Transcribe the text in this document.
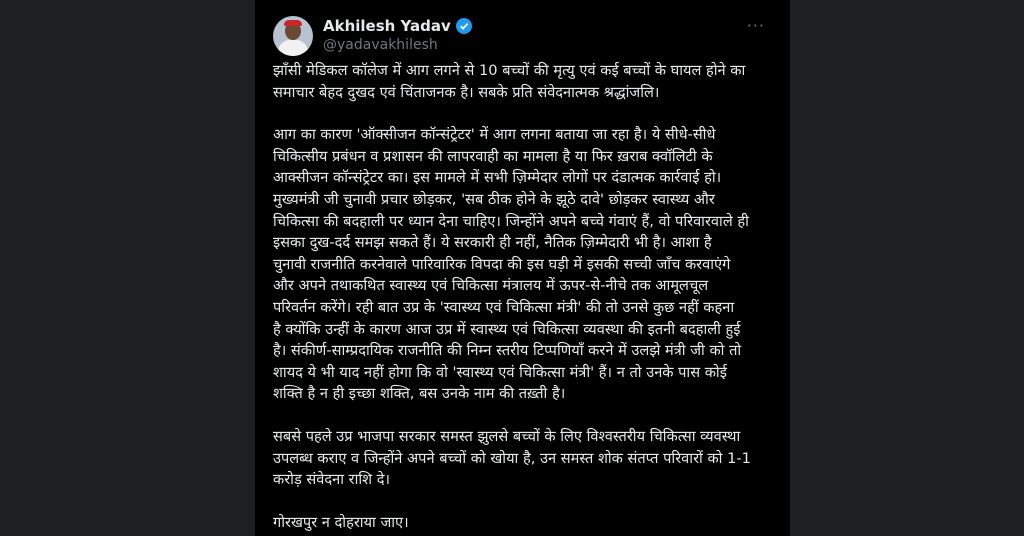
Akhilesh Yadav
@yadavakhilesh
···

झाँसी मेडिकल कॉलेज में आग लगने से 10 बच्चों की मृत्यु एवं कई बच्चों के घायल होने का
समाचार बेहद दुखद एवं चिंताजनक है। सबके प्रति संवेदनात्मक श्रद्धांजलि।

आग का कारण 'ऑक्सीजन कॉन्संट्रेटर' में आग लगना बताया जा रहा है। ये सीधे-सीधे
चिकित्सीय प्रबंधन व प्रशासन की लापरवाही का मामला है या फिर ख़राब क्वॉलिटी के
आक्सीजन कॉन्संट्रेटर का। इस मामले में सभी ज़िम्मेदार लोगों पर दंडात्मक कार्रवाई हो।
मुख्यमंत्री जी चुनावी प्रचार छोड़कर, 'सब ठीक होने के झूठे दावे' छोड़कर स्वास्थ्य और
चिकित्सा की बदहाली पर ध्यान देना चाहिए। जिन्होंने अपने बच्चे गंवाएं हैं, वो परिवारवाले ही
इसका दुख-दर्द समझ सकते हैं। ये सरकारी ही नहीं, नैतिक ज़िम्मेदारी भी है। आशा है
चुनावी राजनीति करनेवाले पारिवारिक विपदा की इस घड़ी में इसकी सच्ची जाँच करवाएंगे
और अपने तथाकथित स्वास्थ्य एवं चिकित्सा मंत्रालय में ऊपर-से-नीचे तक आमूलचूल
परिवर्तन करेंगे। रही बात उप्र के 'स्वास्थ्य एवं चिकित्सा मंत्री' की तो उनसे कुछ नहीं कहना
है क्योंकि उन्हीं के कारण आज उप्र में स्वास्थ्य एवं चिकित्सा व्यवस्था की इतनी बदहाली हुई
है। संकीर्ण-साम्प्रदायिक राजनीति की निम्न स्तरीय टिप्पणियाँ करने में उलझे मंत्री जी को तो
शायद ये भी याद नहीं होगा कि वो 'स्वास्थ्य एवं चिकित्सा मंत्री' हैं। न तो उनके पास कोई
शक्ति है न ही इच्छा शक्ति, बस उनके नाम की तख़्ती है।

सबसे पहले उप्र भाजपा सरकार समस्त झुलसे बच्चों के लिए विश्वस्तरीय चिकित्सा व्यवस्था
उपलब्ध कराए व जिन्होंने अपने बच्चों को खोया है, उन समस्त शोक संतप्त परिवारों को 1-1
करोड़ संवेदना राशि दे।

गोरखपुर न दोहराया जाए।
